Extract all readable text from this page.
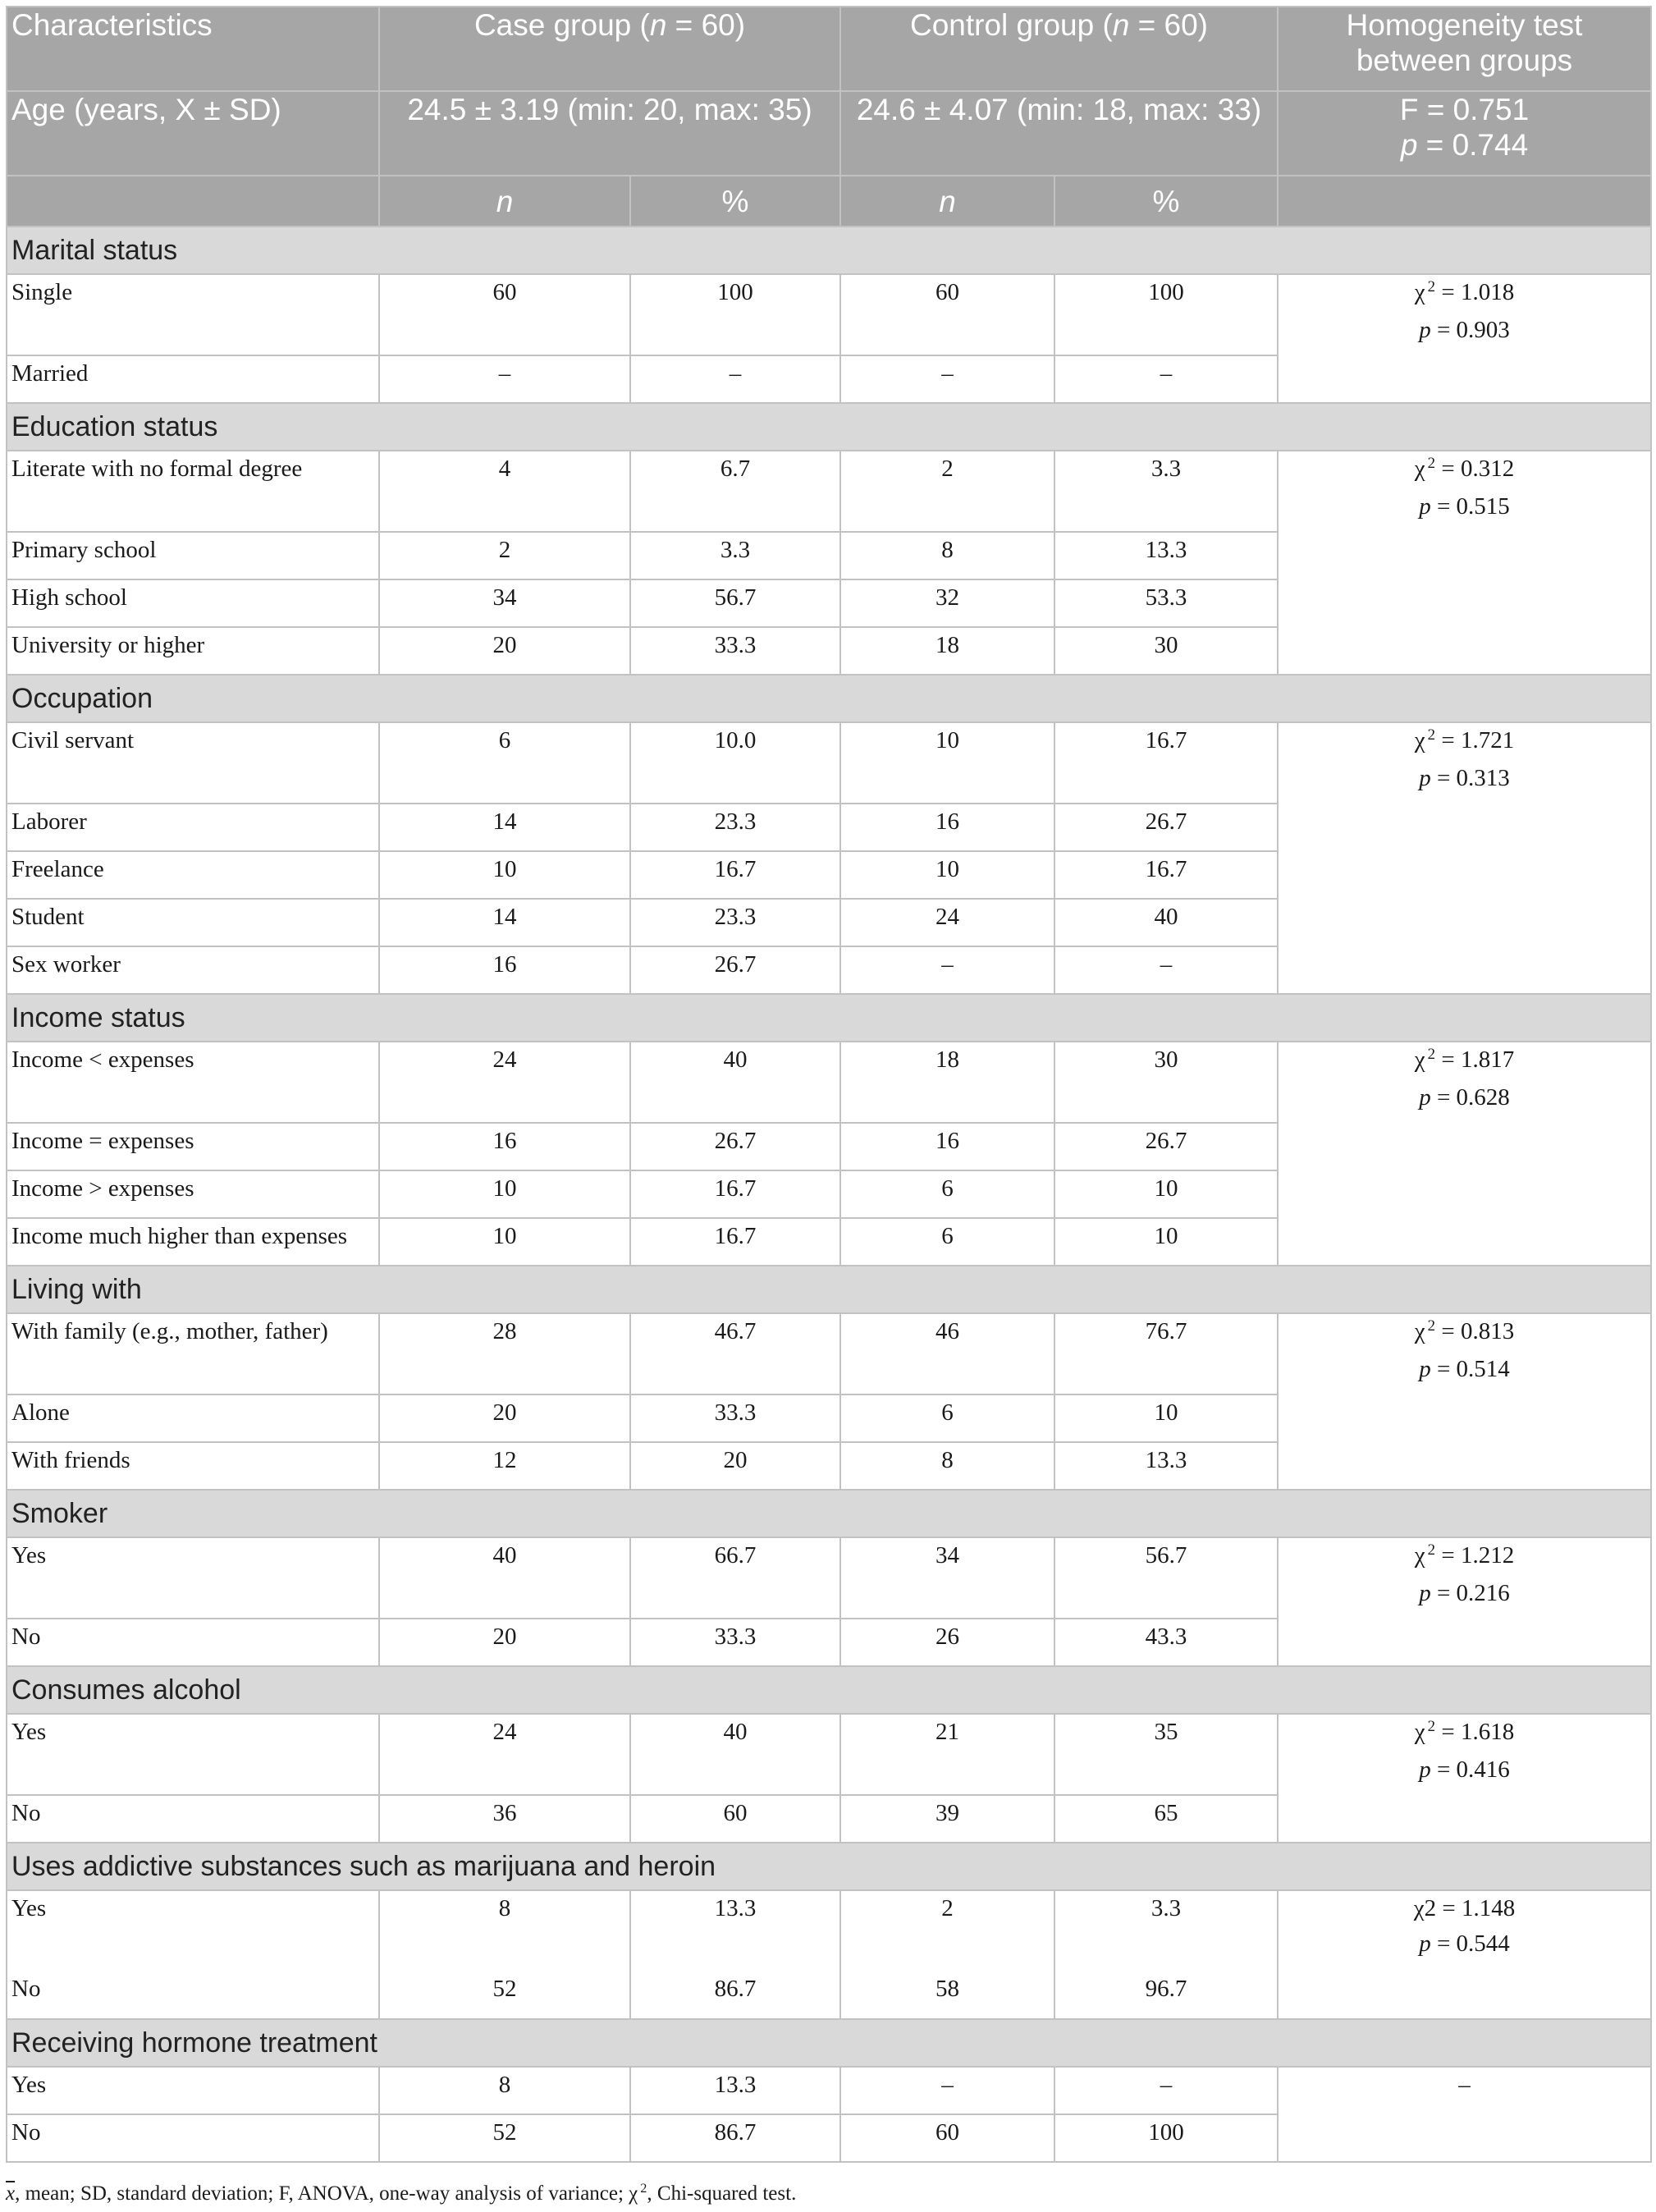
Characteristics	Case group (n = 60)		Control group (n = 60)		Homogeneity test
between groups

Age (years, X ± SD)	24.5 ± 3.19 (min: 20, max: 35)		24.6 ± 4.07 (min: 18, max: 33)		F = 0.751
p = 0.744

	n	%	n	%	
Marital status					
Single	60	100	60	100	χ $^2$ = 1.018
p = 0.903

Married	–	–	–	–	
Education status					
Literate with no formal degree	4	6.7	2	3.3	χ $^2$ = 0.312
p = 0.515

Primary school	2	3.3	8	13.3	
High school	34	56.7	32	53.3	
University or higher	20	33.3	18	30	
Occupation					
Civil servant	6	10.0	10	16.7	χ $^2$ = 1.721
p = 0.313

Laborer	14	23.3	16	26.7	
Freelance	10	16.7	10	16.7	
Student	14	23.3	24	40	
Sex worker	16	26.7	–	–	
Income status					
Income < expenses	24	40	18	30	χ $^2$ = 1.817
p = 0.628

Income = expenses	16	26.7	16	26.7	
Income > expenses	10	16.7	6	10	
Income much higher than expenses	10	16.7	6	10	
Living with					
With family (e.g., mother, father)	28	46.7	46	76.7	χ $^2$ = 0.813
p = 0.514

Alone	20	33.3	6	10	
With friends	12	20	8	13.3	
Smoker					
Yes	40	66.7	34	56.7	χ $^2$ = 1.212
p = 0.216

No	20	33.3	26	43.3	
Consumes alcohol					
Yes	24	40	21	35	χ $^2$ = 1.618
p = 0.416

No	36	60	39	65	
Uses addictive substances such as marijuana and heroin					
Yes	8	13.3	2	3.3	χ2 = 1.148
p = 0.544

No	52	86.7	58	96.7	
Receiving hormone treatment					
Yes	8	13.3	–	–	–
No	52	86.7	60	100	
$\overline{x}$, mean; SD, standard deviation; F, ANOVA, one-way analysis of variance; χ $^2$, Chi-squared test.
